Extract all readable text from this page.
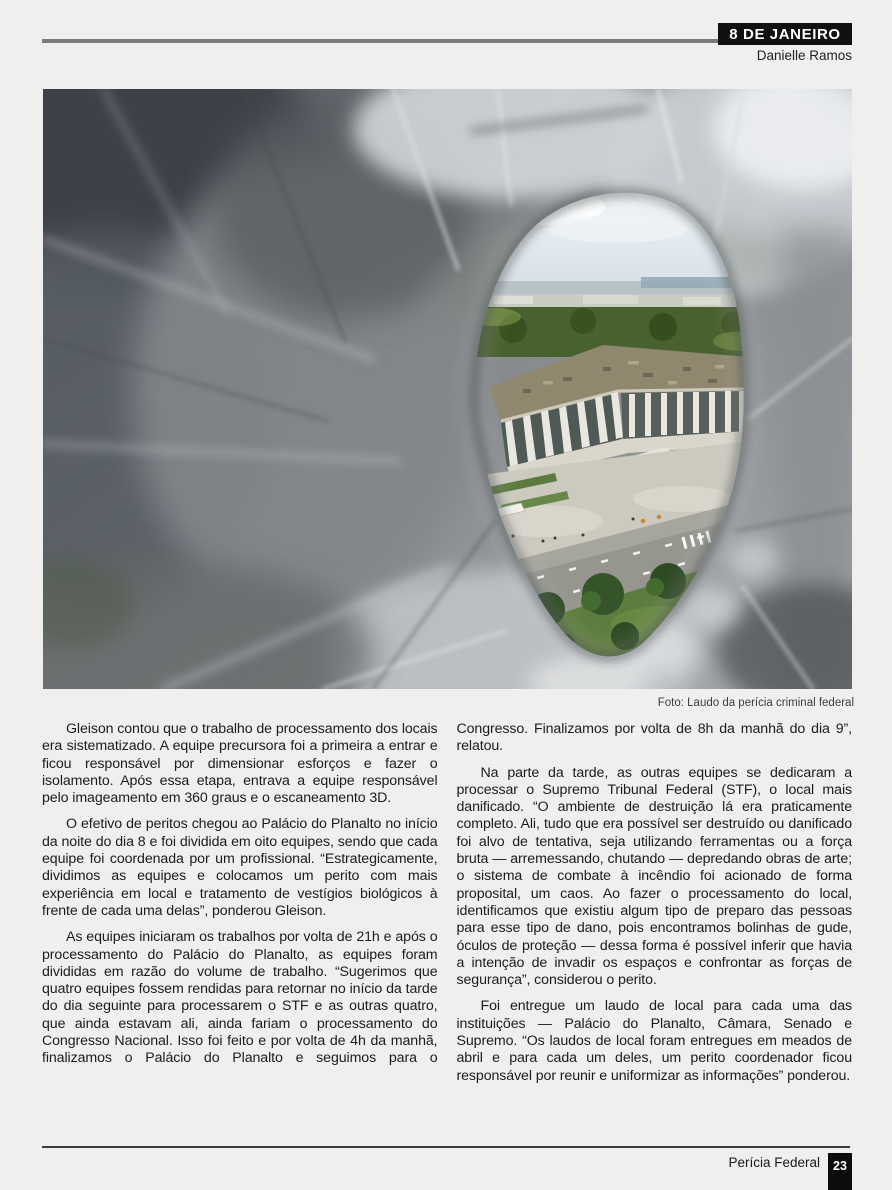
8 DE JANEIRO
Danielle Ramos
Foto: Laudo da perícia criminal federal

Gleison contou que o trabalho de processamento dos locais era sistematizado. A equipe precursora foi a primeira a entrar e ficou responsável por dimensionar esforços e fazer o isolamento. Após essa etapa, entrava a equipe responsável pelo imageamento em 360 graus e o escaneamento 3D.

O efetivo de peritos chegou ao Palácio do Planalto no início da noite do dia 8 e foi dividida em oito equipes, sendo que cada equipe foi coordenada por um profissional. “Estrategicamente, dividimos as equipes e colocamos um perito com mais experiência em local e tratamento de vestígios biológicos à frente de cada uma delas”, ponderou Gleison.

As equipes iniciaram os trabalhos por volta de 21h e após o processamento do Palácio do Planalto, as equipes foram divididas em razão do volume de trabalho. “Sugerimos que quatro equipes fossem rendidas para retornar no início da tarde do dia seguinte para processarem o STF e as outras quatro, que ainda estavam ali, ainda fariam o processamento do Congresso Nacional. Isso foi feito e por volta de 4h da manhã, finalizamos o Palácio do Planalto e seguimos para o

Congresso. Finalizamos por volta de 8h da manhã do dia 9”, relatou.

Na parte da tarde, as outras equipes se dedicaram a processar o Supremo Tribunal Federal (STF), o local mais danificado. “O ambiente de destruição lá era praticamente completo. Ali, tudo que era possível ser destruído ou danificado foi alvo de tentativa, seja utilizando ferramentas ou a força bruta — arremessando, chutando — depredando obras de arte; o sistema de combate à incêndio foi acionado de forma proposital, um caos. Ao fazer o processamento do local, identificamos que existiu algum tipo de preparo das pessoas para esse tipo de dano, pois encontramos bolinhas de gude, óculos de proteção — dessa forma é possível inferir que havia a intenção de invadir os espaços e confrontar as forças de segurança”, considerou o perito.

Foi entregue um laudo de local para cada uma das instituições — Palácio do Planalto, Câmara, Senado e Supremo. “Os laudos de local foram entregues em meados de abril e para cada um deles, um perito coordenador ficou responsável por reunir e uniformizar as informações” ponderou.

Perícia Federal 23
